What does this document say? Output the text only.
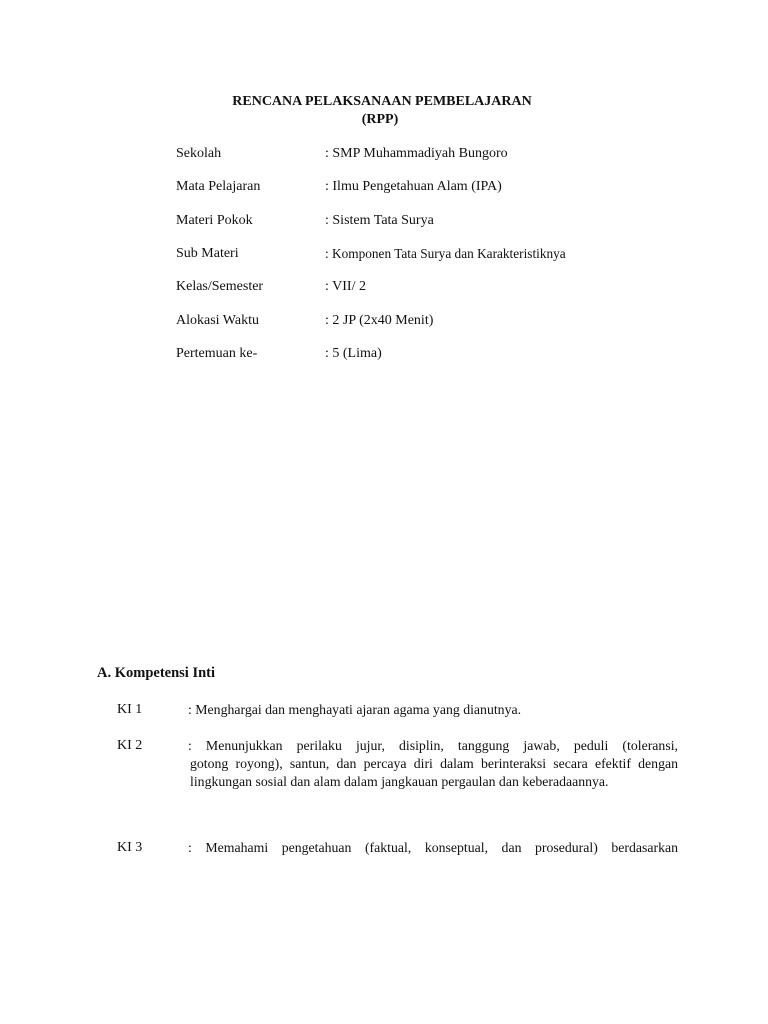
RENCANA PELAKSANAAN PEMBELAJARAN
(RPP)
Sekolah	: SMP Muhammadiyah Bungoro
Mata Pelajaran	: Ilmu Pengetahuan Alam (IPA)
Materi Pokok	: Sistem Tata Surya
Sub Materi	: Komponen Tata Surya dan Karakteristiknya
Kelas/Semester	: VII/ 2
Alokasi Waktu	: 2 JP (2x40 Menit)
Pertemuan ke-	: 5 (Lima)
A. Kompetensi Inti
KI 1	: Menghargai dan menghayati ajaran agama yang dianutnya.
KI 2	: Menunjukkan perilaku jujur, disiplin, tanggung jawab, peduli (toleransi,
gotong royong), santun, dan percaya diri dalam berinteraksi secara efektif dengan lingkungan sosial dan alam dalam jangkauan pergaulan dan keberadaannya.
KI 3	: Memahami pengetahuan (faktual, konseptual, dan prosedural) berdasarkan
